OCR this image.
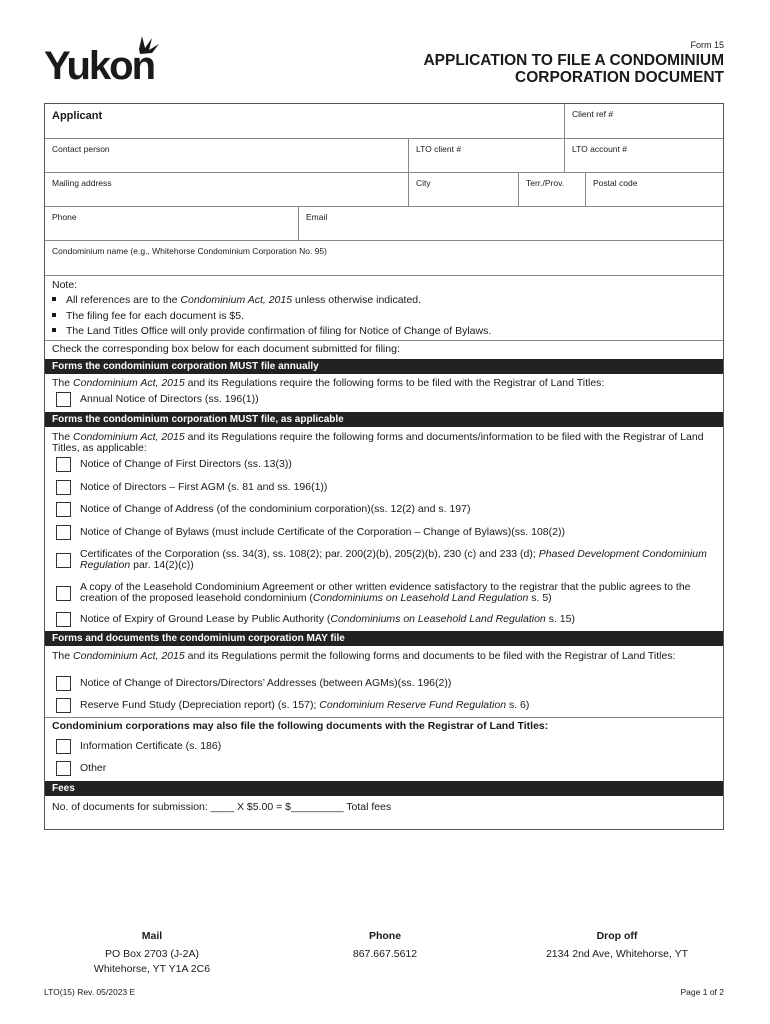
Yukon	Form 15
APPLICATION TO FILE A CONDOMINIUM
CORPORATION DOCUMENT
Applicant	Client ref #
Contact person	LTO client #	LTO account #
Mailing address	City	Terr./Prov.	Postal code
Phone	Email
Condominium name (e.g., Whitehorse Condominium Corporation No. 95)
Note:
All references are to the Condominium Act, 2015 unless otherwise indicated.
The filing fee for each document is $5.
The Land Titles Office will only provide confirmation of filing for Notice of Change of Bylaws.
Check the corresponding box below for each document submitted for filing:
Forms the condominium corporation MUST file annually
The Condominium Act, 2015 and its Regulations require the following forms to be filed with the Registrar of Land Titles:
Annual Notice of Directors (ss. 196(1))
Forms the condominium corporation MUST file, as applicable
The Condominium Act, 2015 and its Regulations require the following forms and documents/information to be filed with the Registrar of Land Titles, as applicable:
Notice of Change of First Directors (ss. 13(3))
Notice of Directors – First AGM (s. 81 and ss. 196(1))
Notice of Change of Address (of the condominium corporation)(ss. 12(2) and s. 197)
Notice of Change of Bylaws (must include Certificate of the Corporation – Change of Bylaws)(ss. 108(2))
Certificates of the Corporation (ss. 34(3), ss. 108(2); par. 200(2)(b), 205(2)(b), 230 (c) and 233 (d); Phased Development Condominium Regulation par. 14(2)(c))
A copy of the Leasehold Condominium Agreement or other written evidence satisfactory to the registrar that the public agrees to the creation of the proposed leasehold condominium (Condominiums on Leasehold Land Regulation s. 5)
Notice of Expiry of Ground Lease by Public Authority (Condominiums on Leasehold Land Regulation s. 15)
Forms and documents the condominium corporation MAY file
The Condominium Act, 2015 and its Regulations permit the following forms and documents to be filed with the Registrar of Land Titles:
Notice of Change of Directors/Directors’ Addresses (between AGMs)(ss. 196(2))
Reserve Fund Study (Depreciation report) (s. 157); Condominium Reserve Fund Regulation s. 6)
Condominium corporations may also file the following documents with the Registrar of Land Titles:
Information Certificate (s. 186)
Other
Fees
No. of documents for submission: ____ X $5.00 = $_________ Total fees
Mail
PO Box 2703 (J-2A)
Whitehorse, YT Y1A 2C6
Phone
867.667.5612
Drop off
2134 2nd Ave, Whitehorse, YT
LTO(15) Rev. 05/2023 E	Page 1 of 2
